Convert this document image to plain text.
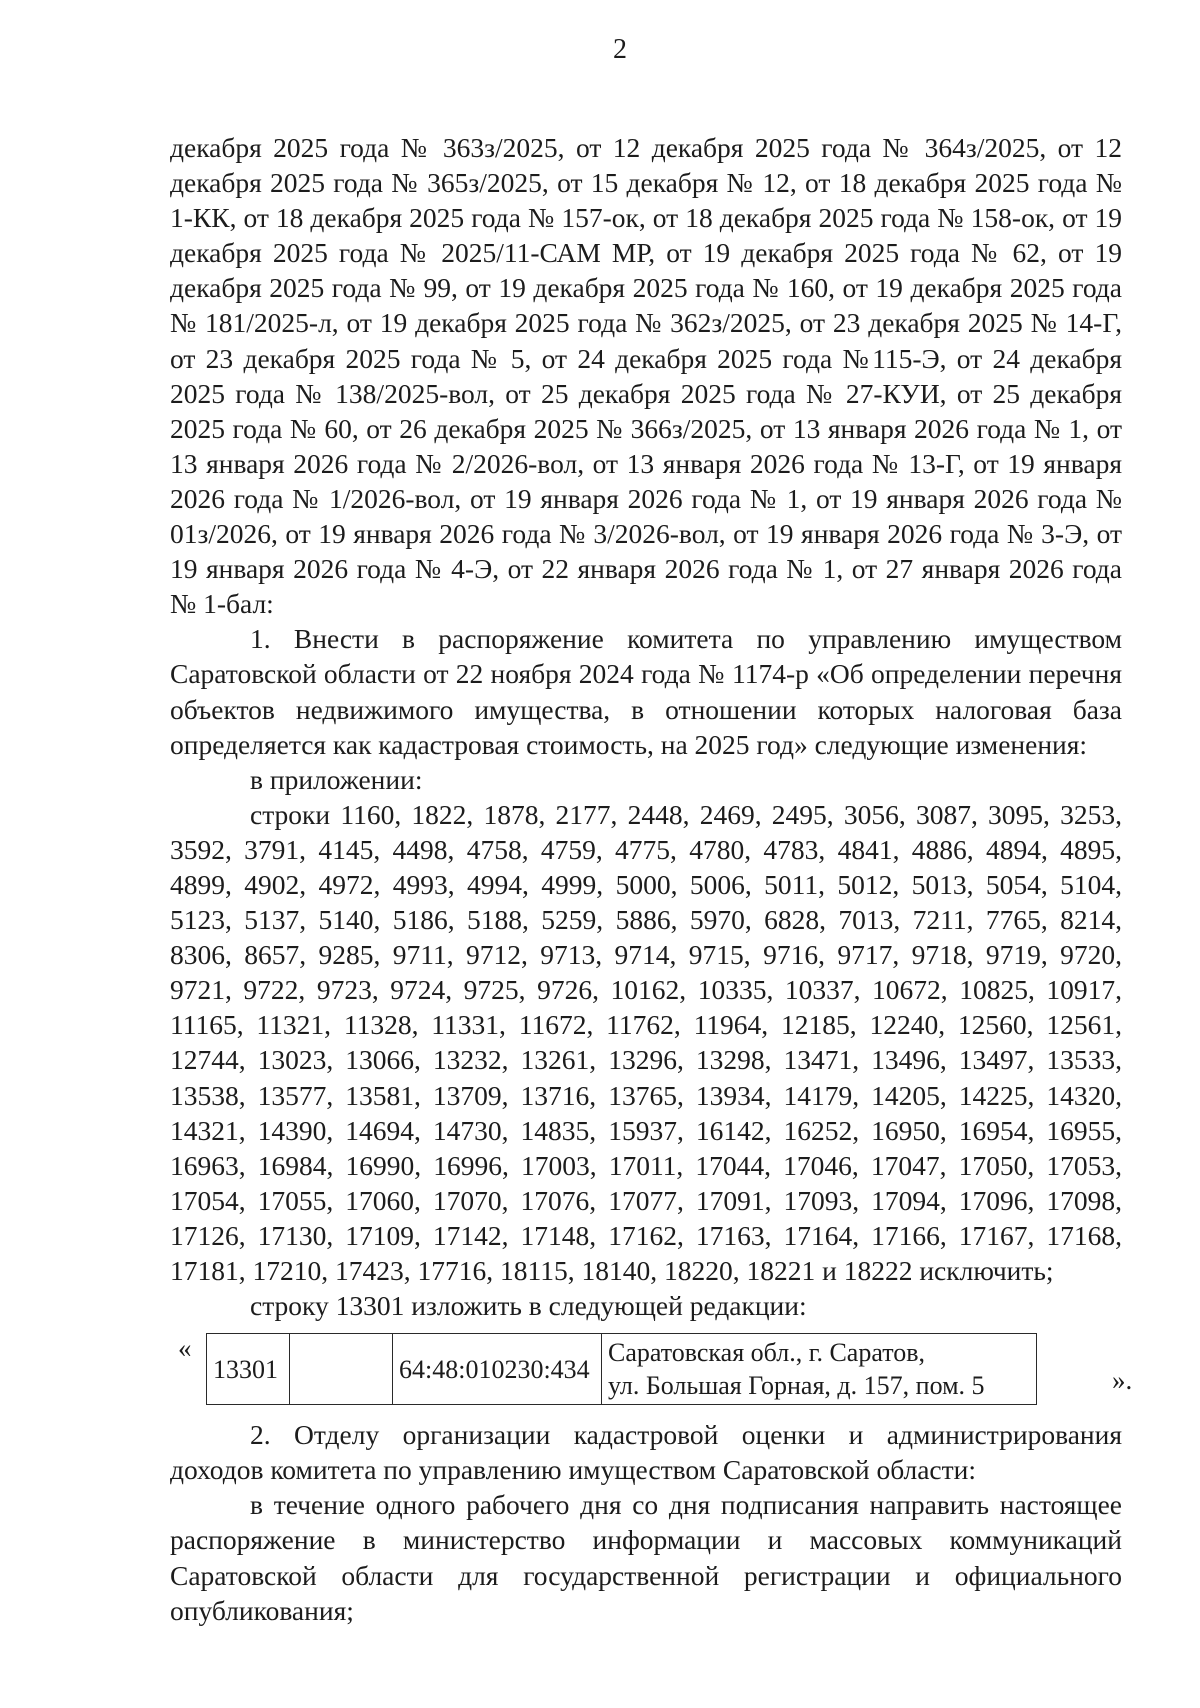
2

декабря 2025 года № 363з/2025, от 12 декабря 2025 года № 364з/2025, от 12 декабря 2025 года № 365з/2025, от 15 декабря № 12, от 18 декабря 2025 года № 1-КК, от 18 декабря 2025 года № 157-ок, от 18 декабря 2025 года № 158-ок, от 19 декабря 2025 года № 2025/11-САМ МР, от 19 декабря 2025 года № 62, от 19 декабря 2025 года № 99, от 19 декабря 2025 года № 160, от 19 декабря 2025 года № 181/2025-л, от 19 декабря 2025 года № 362з/2025, от 23 декабря 2025 № 14-Г, от 23 декабря 2025 года № 5, от 24 декабря 2025 года №115-Э, от 24 декабря 2025 года № 138/2025-вол, от 25 декабря 2025 года № 27-КУИ, от 25 декабря 2025 года № 60, от 26 декабря 2025 № 366з/2025, от 13 января 2026 года № 1, от 13 января 2026 года № 2/2026-вол, от 13 января 2026 года № 13-Г, от 19 января 2026 года № 1/2026-вол, от 19 января 2026 года № 1, от 19 января 2026 года № 01з/2026, от 19 января 2026 года № 3/2026-вол, от 19 января 2026 года № 3-Э, от 19 января 2026 года № 4-Э, от 22 января 2026 года № 1, от 27 января 2026 года № 1-бал:

1. Внести в распоряжение комитета по управлению имуществом Саратовской области от 22 ноября 2024 года № 1174-р «Об определении перечня объектов недвижимого имущества, в отношении которых налоговая база определяется как кадастровая стоимость, на 2025 год» следующие изменения:

в приложении:

строки 1160, 1822, 1878, 2177, 2448, 2469, 2495, 3056, 3087, 3095, 3253, 3592, 3791, 4145, 4498, 4758, 4759, 4775, 4780, 4783, 4841, 4886, 4894, 4895, 4899, 4902, 4972, 4993, 4994, 4999, 5000, 5006, 5011, 5012, 5013, 5054, 5104, 5123, 5137, 5140, 5186, 5188, 5259, 5886, 5970, 6828, 7013, 7211, 7765, 8214, 8306, 8657, 9285, 9711, 9712, 9713, 9714, 9715, 9716, 9717, 9718, 9719, 9720, 9721, 9722, 9723, 9724, 9725, 9726, 10162, 10335, 10337, 10672, 10825, 10917, 11165, 11321, 11328, 11331, 11672, 11762, 11964, 12185, 12240, 12560, 12561, 12744, 13023, 13066, 13232, 13261, 13296, 13298, 13471, 13496, 13497, 13533, 13538, 13577, 13581, 13709, 13716, 13765, 13934, 14179, 14205, 14225, 14320, 14321, 14390, 14694, 14730, 14835, 15937, 16142, 16252, 16950, 16954, 16955, 16963, 16984, 16990, 16996, 17003, 17011, 17044, 17046, 17047, 17050, 17053, 17054, 17055, 17060, 17070, 17076, 17077, 17091, 17093, 17094, 17096, 17098, 17126, 17130, 17109, 17142, 17148, 17162, 17163, 17164, 17166, 17167, 17168, 17181, 17210, 17423, 17716, 18115, 18140, 18220, 18221 и 18222 исключить;

строку 13301 изложить в следующей редакции:

«
13301		64:48:010230:434	
Саратовская обл., г. Саратов,
ул. Большая Горная, д. 157, пом. 5	».

2. Отделу организации кадастровой оценки и администрирования доходов комитета по управлению имуществом Саратовской области:

в течение одного рабочего дня со дня подписания направить настоящее распоряжение в министерство информации и массовых коммуникаций Саратовской области для государственной регистрации и официального опубликования;
